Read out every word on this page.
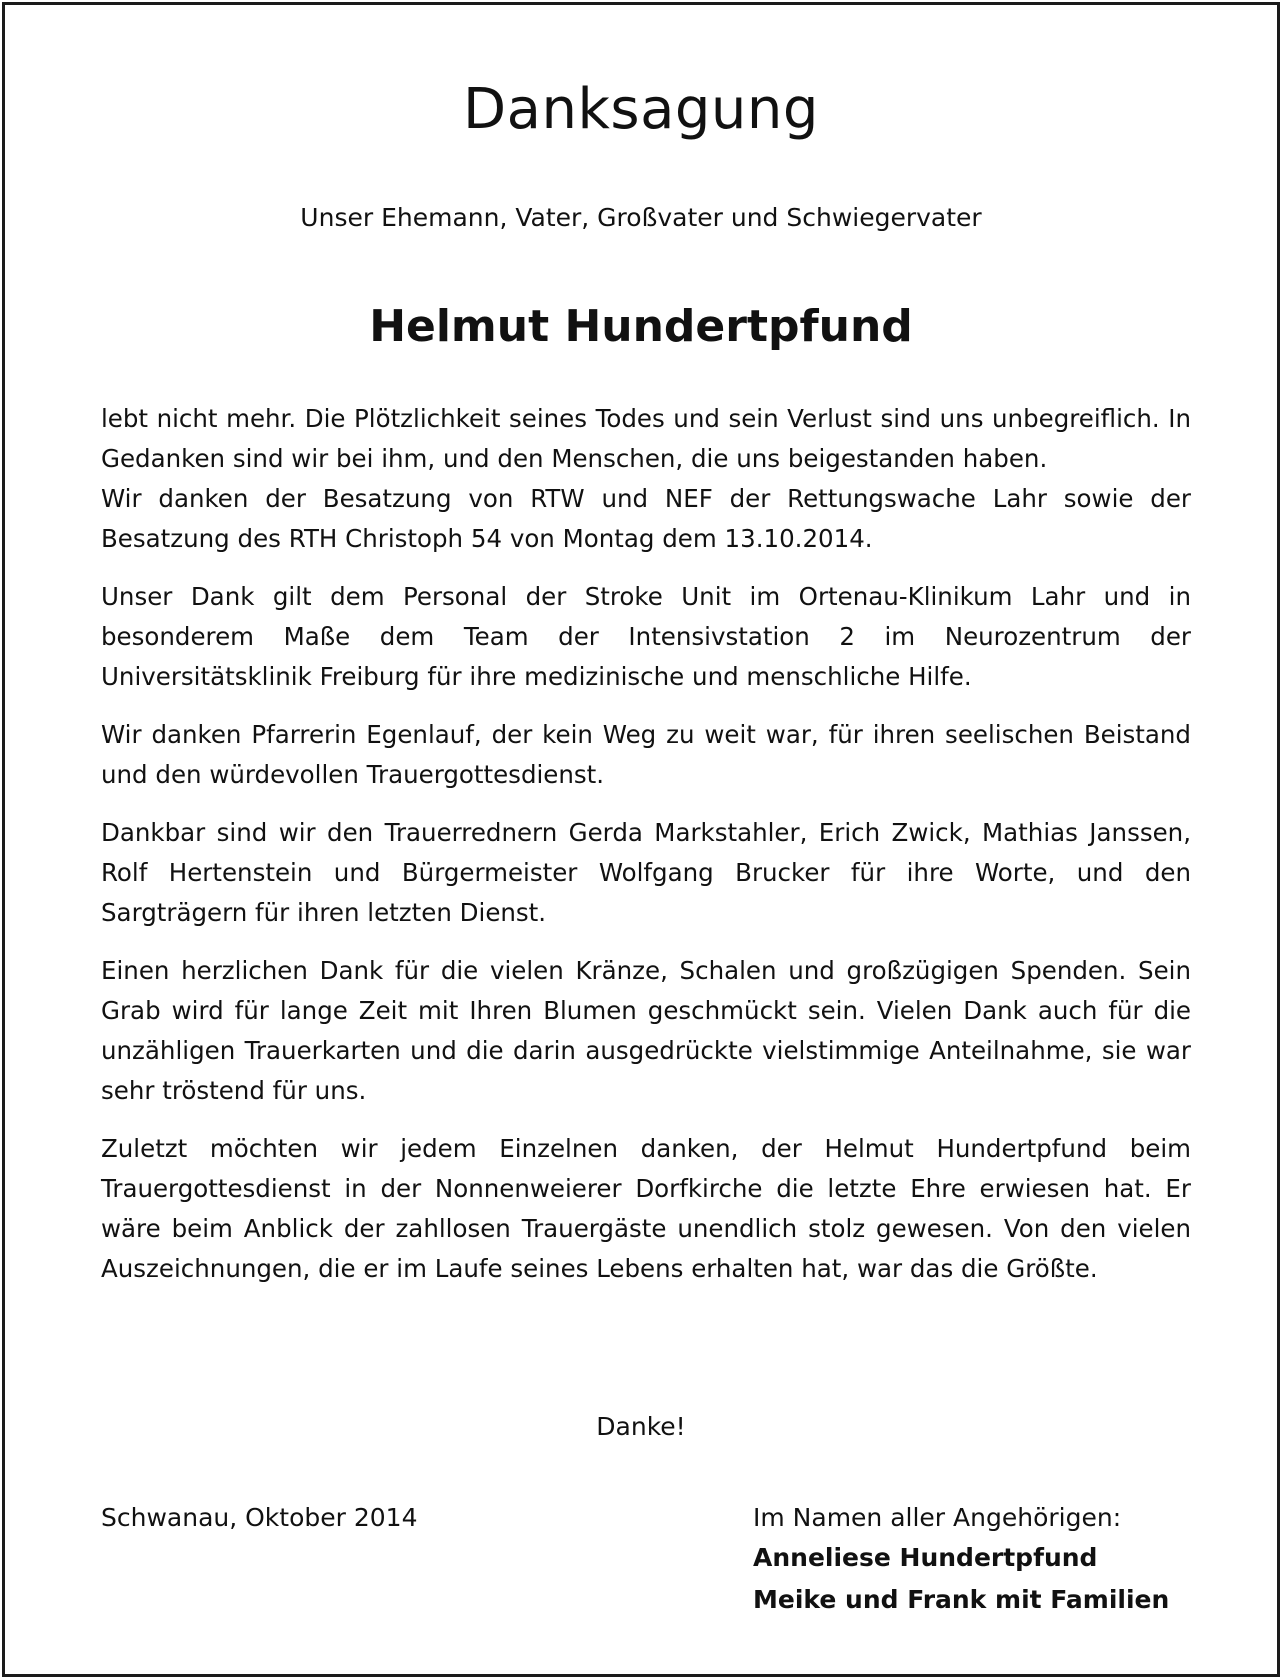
Danksagung
Unser Ehemann, Vater, Großvater und Schwiegervater
Helmut Hundertpfund

lebt nicht mehr. Die Plötzlichkeit seines Todes und sein Verlust sind uns unbegreiflich. In Gedanken sind wir bei ihm, und den Menschen, die uns beigestanden haben.

Wir danken der Besatzung von RTW und NEF der Rettungswache Lahr sowie der Besatzung des RTH Christoph 54 von Montag dem 13.10.2014.

Unser Dank gilt dem Personal der Stroke Unit im Ortenau-Klinikum Lahr und in besonderem Maße dem Team der Intensivstation 2 im Neurozentrum der Universitätsklinik Freiburg für ihre medizinische und menschliche Hilfe.

Wir danken Pfarrerin Egenlauf, der kein Weg zu weit war, für ihren seelischen Beistand und den würdevollen Trauergottesdienst.

Dankbar sind wir den Trauerrednern Gerda Markstahler, Erich Zwick, Mathias Janssen, Rolf Hertenstein und Bürgermeister Wolfgang Brucker für ihre Worte, und den Sargträgern für ihren letzten Dienst.

Einen herzlichen Dank für die vielen Kränze, Schalen und großzügigen Spenden. Sein Grab wird für lange Zeit mit Ihren Blumen geschmückt sein. Vielen Dank auch für die unzähligen Trauerkarten und die darin ausgedrückte vielstimmige Anteilnahme, sie war sehr tröstend für uns.

Zuletzt möchten wir jedem Einzelnen danken, der Helmut Hundertpfund beim Trauergottesdienst in der Nonnenweierer Dorfkirche die letzte Ehre erwiesen hat. Er wäre beim Anblick der zahllosen Trauergäste unendlich stolz gewesen. Von den vielen Auszeichnungen, die er im Laufe seines Lebens erhalten hat, war das die Größte.

Danke!
Schwanau, Oktober 2014	Im Namen aller Angehörigen:
Anneliese Hundertpfund
Meike und Frank mit Familien
